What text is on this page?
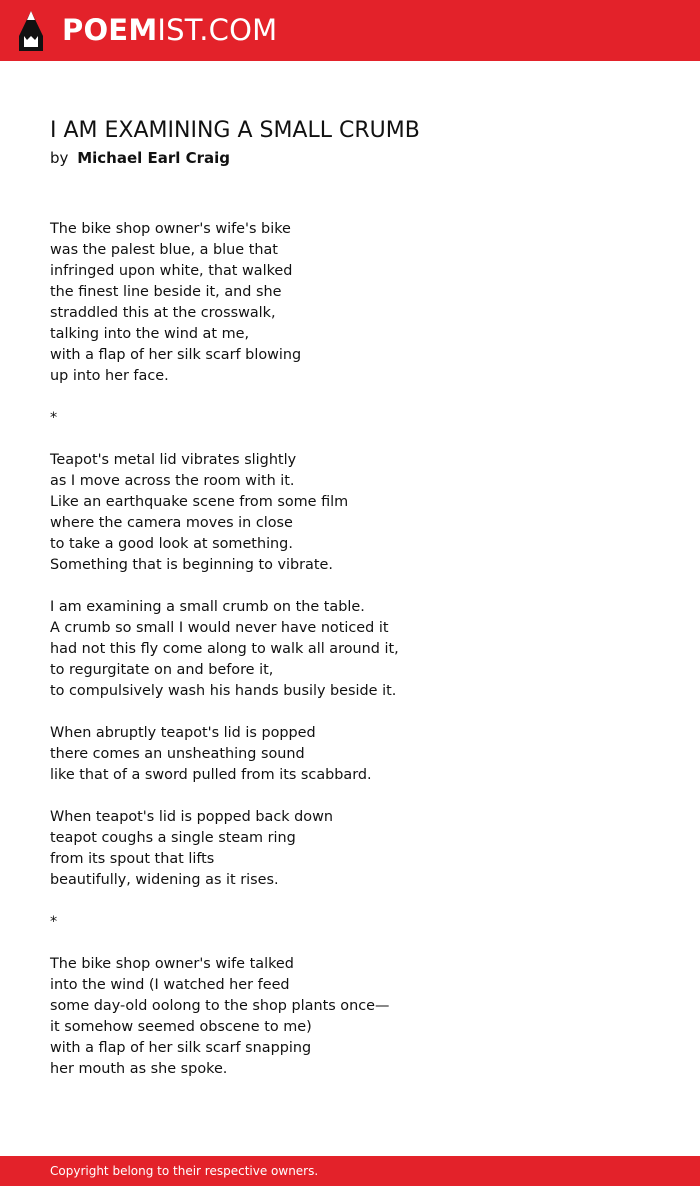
POEMIST.COM
I AM EXAMINING A SMALL CRUMB
by Michael Earl Craig
The bike shop owner's wife's bike
was the palest blue, a blue that
infringed upon white, that walked
the finest line beside it, and she
straddled this at the crosswalk,
talking into the wind at me,
with a flap of her silk scarf blowing
up into her face.
*
Teapot's metal lid vibrates slightly
as I move across the room with it.
Like an earthquake scene from some film
where the camera moves in close
to take a good look at something.
Something that is beginning to vibrate.
I am examining a small crumb on the table.
A crumb so small I would never have noticed it
had not this fly come along to walk all around it,
to regurgitate on and before it,
to compulsively wash his hands busily beside it.
When abruptly teapot's lid is popped
there comes an unsheathing sound
like that of a sword pulled from its scabbard.
When teapot's lid is popped back down
teapot coughs a single steam ring
from its spout that lifts
beautifully, widening as it rises.
*
The bike shop owner's wife talked
into the wind (I watched her feed
some day-old oolong to the shop plants once—
it somehow seemed obscene to me)
with a flap of her silk scarf snapping
her mouth as she spoke.
Copyright belong to their respective owners.
